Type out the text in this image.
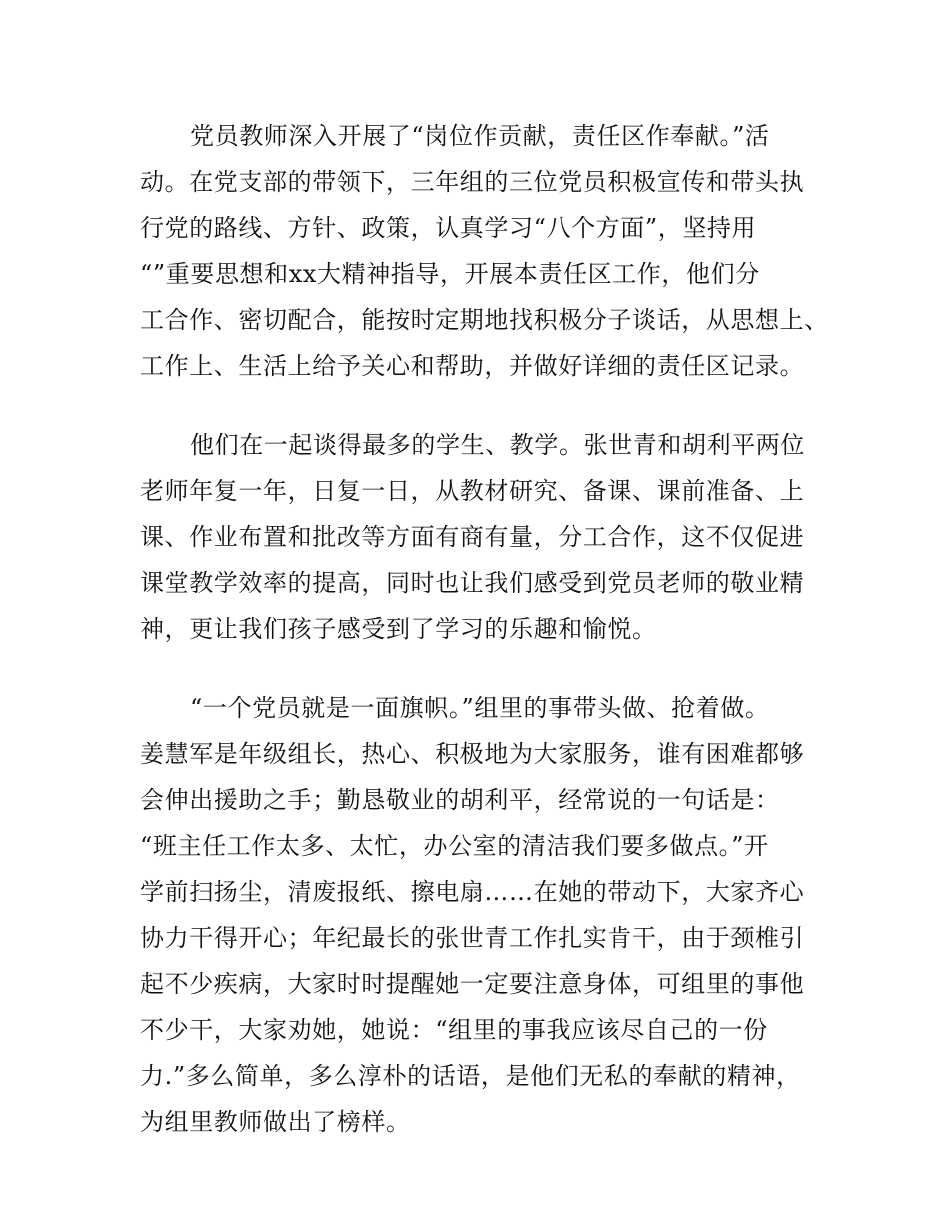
党员教师深入开展了“岗位作贡献，责任区作奉献。”活
动。在党支部的带领下，三年组的三位党员积极宣传和带头执
行党的路线、方针、政策，认真学习“八个方面”，坚持用
“”重要思想和xx大精神指导，开展本责任区工作，他们分
工合作、密切配合，能按时定期地找积极分子谈话，从思想上、
工作上、生活上给予关心和帮助，并做好详细的责任区记录。
他们在一起谈得最多的学生、教学。张世青和胡利平两位
老师年复一年，日复一日，从教材研究、备课、课前准备、上
课、作业布置和批改等方面有商有量，分工合作，这不仅促进
课堂教学效率的提高，同时也让我们感受到党员老师的敬业精
神，更让我们孩子感受到了学习的乐趣和愉悦。
“一个党员就是一面旗帜。”组里的事带头做、抢着做。
姜慧军是年级组长，热心、积极地为大家服务，谁有困难都够
会伸出援助之手；勤恳敬业的胡利平，经常说的一句话是：
“班主任工作太多、太忙，办公室的清洁我们要多做点。”开
学前扫扬尘，清废报纸、擦电扇……在她的带动下，大家齐心
协力干得开心；年纪最长的张世青工作扎实肯干，由于颈椎引
起不少疾病，大家时时提醒她一定要注意身体，可组里的事他
不少干，大家劝她，她说：“组里的事我应该尽自己的一份
力.”多么简单，多么淳朴的话语，是他们无私的奉献的精神，
为组里教师做出了榜样。
